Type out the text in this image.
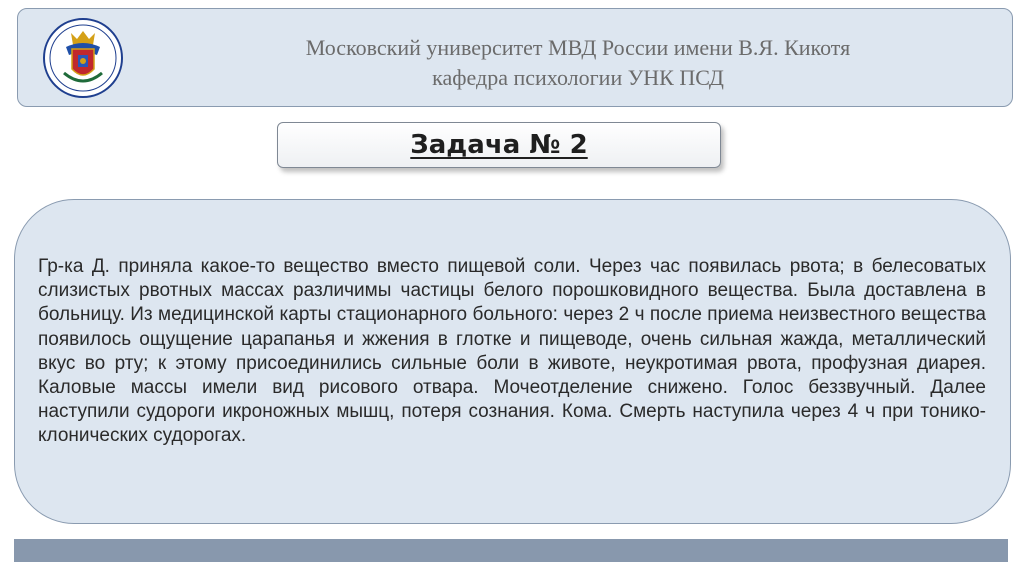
Московский университет МВД России имени В.Я. Кикотя
кафедра психологии УНК ПСД
Задача № 2

Гр-ка Д. приняла какое-то вещество вместо пищевой соли. Через час появилась рвота; в белесоватых слизистых рвотных массах различимы частицы белого порошковидного вещества. Была доставлена в больницу. Из медицинской карты стационарного больного: через 2 ч после приема неизвестного вещества появилось ощущение царапанья и жжения в глотке и пищеводе, очень сильная жажда, металлический вкус во рту; к этому присоединились сильные боли в животе, неукротимая рвота, профузная диарея. Каловые массы имели вид рисового отвара. Мочеотделение снижено. Голос беззвучный. Далее наступили судороги икроножных мышц, потеря сознания. Кома. Смерть наступила через 4 ч при тонико-клонических судорогах.
